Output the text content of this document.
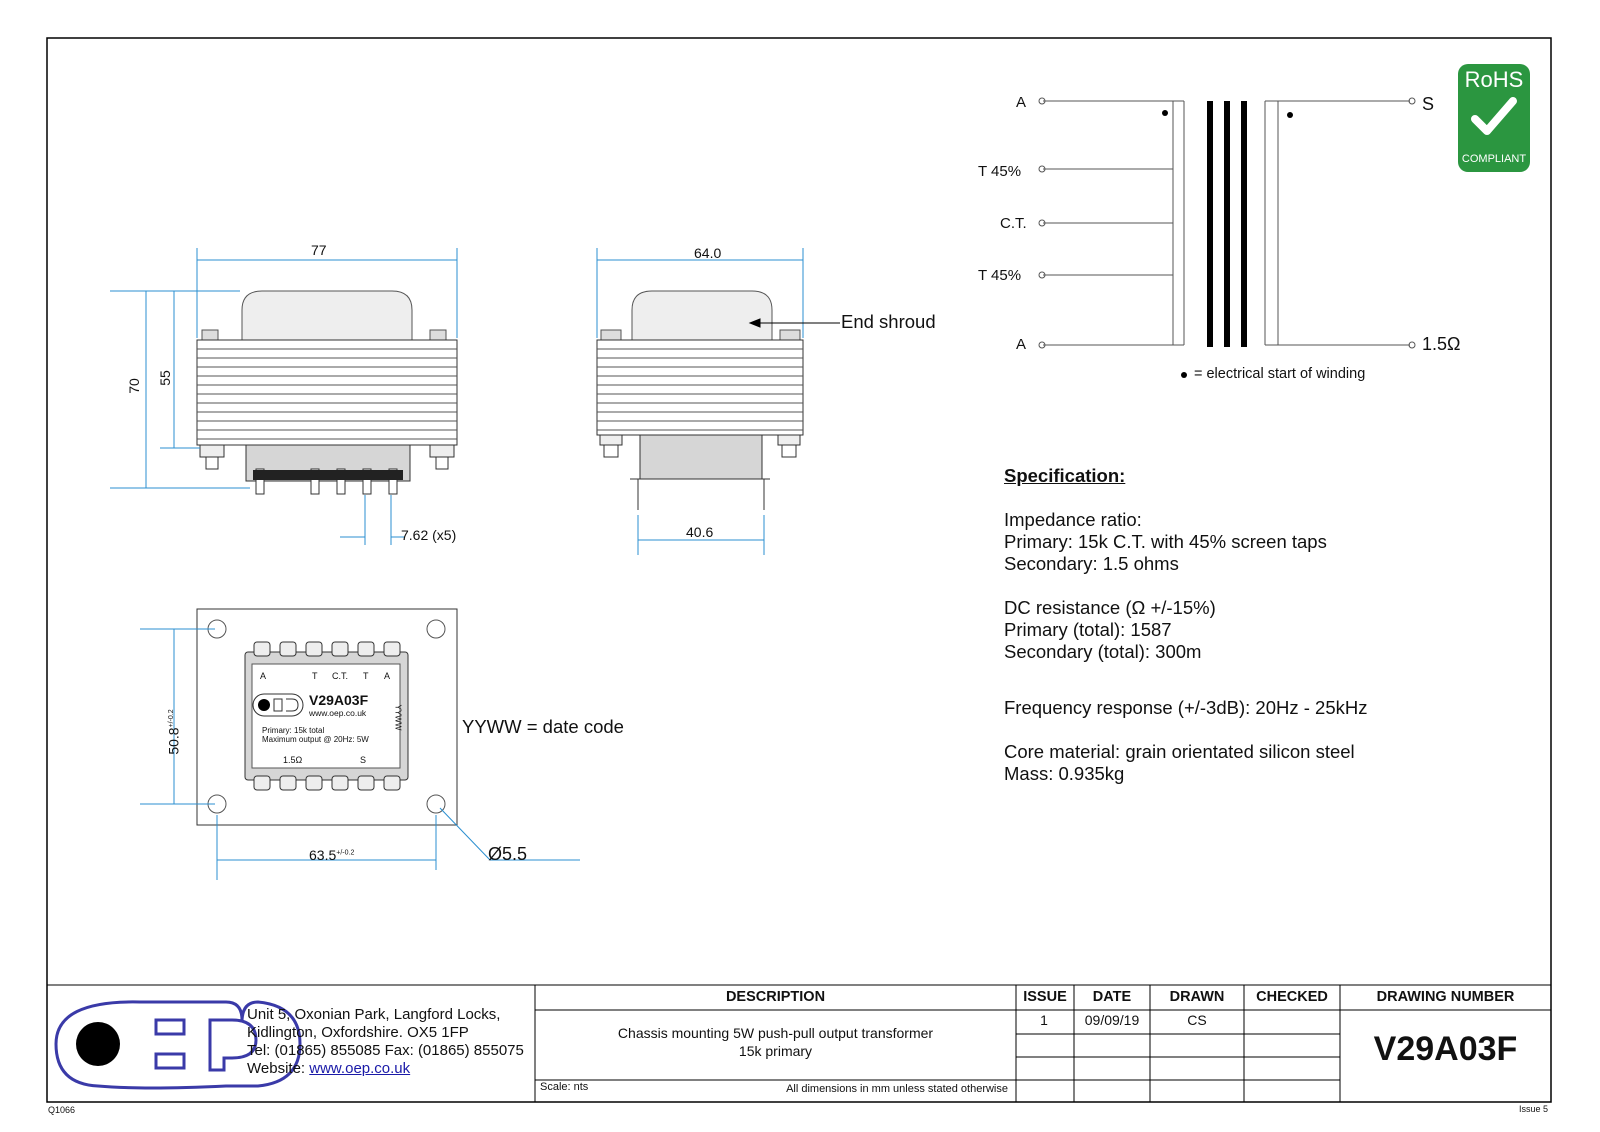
A
T 45%
C.T.
T 45%
A
S
1.5Ω
= electrical start of winding
RoHS
COMPLIANT
77
70
55
7.62 (x5)
64.0
40.6
End shroud
A	T C.T. T A
V29A03F
www.oep.co.uk	YYWW
Primary: 15k total
Maximum output @ 20Hz: 5W
1.5Ω	S
$50.8^{+/-0.2}$
$63.5^{+/-0.2}$	Ø5.5
YYWW = date code
Specification:
Impedance ratio:
Primary: 15k C.T. with 45% screen taps
Secondary: 1.5 ohms
DC resistance (Ω +/-15%)
Primary (total): 1587
Secondary (total): 300m
Frequency response (+/-3dB): 20Hz - 25kHz
Core material: grain orientated silicon steel
Mass: 0.935kg
Unit 5, Oxonian Park, Langford Locks,
Kidlington, Oxfordshire. OX5 1FP
Tel: (01865) 855085 Fax: (01865) 855075
Website: www.oep.co.uk
DESCRIPTION
Chassis mounting 5W push-pull output transformer
15k primary
Scale: nts	All dimensions in mm unless stated otherwise
ISSUE	DATE	DRAWN	CHECKED	DRAWING NUMBER
1	09/09/19	CS
V29A03F
Q1066	Issue 5
